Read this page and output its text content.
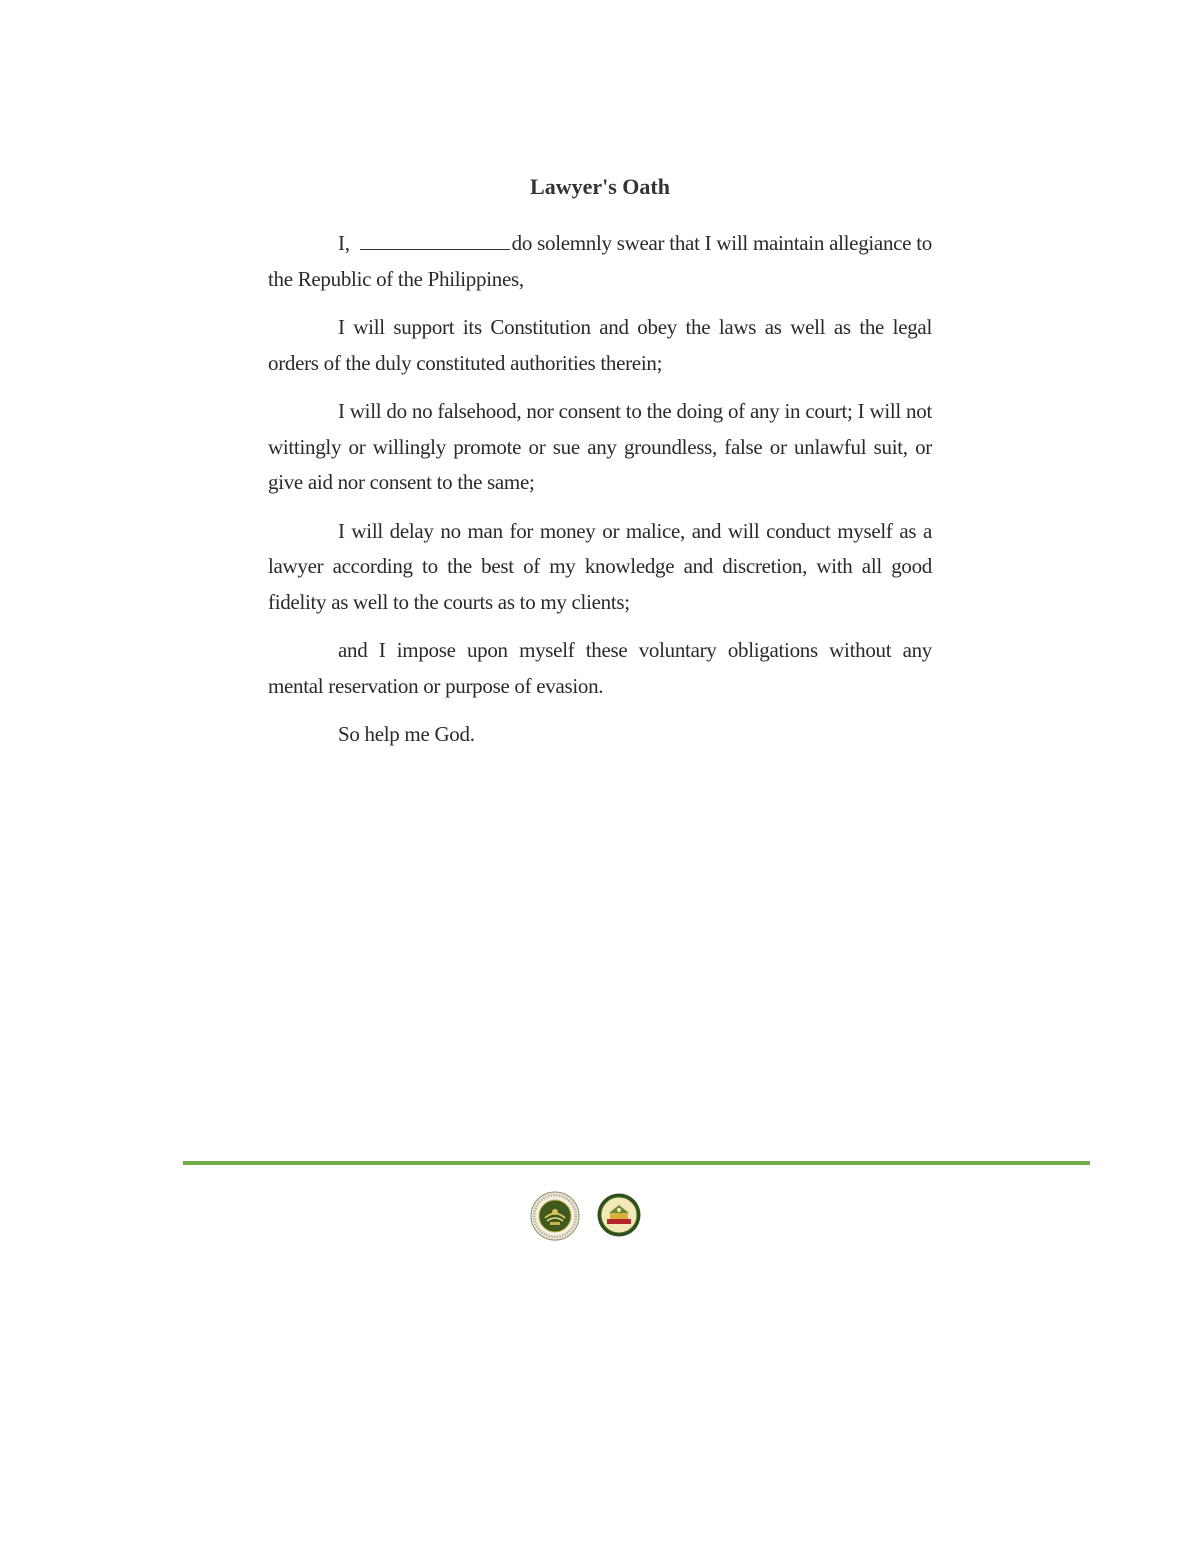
Lawyer's Oath

I,	do solemnly swear that I will maintain allegiance to the Republic of the Philippines,

I will support its Constitution and obey the laws as well as the legal orders of the duly constituted authorities therein;

I will do no falsehood, nor consent to the doing of any in court; I will not wittingly or willingly promote or sue any groundless, false or unlawful suit, or give aid nor consent to the same;

I will delay no man for money or malice, and will conduct myself as a lawyer according to the best of my knowledge and discretion, with all good fidelity as well to the courts as to my clients;

and I impose upon myself these voluntary obligations without any mental reservation or purpose of evasion.

So help me God.
